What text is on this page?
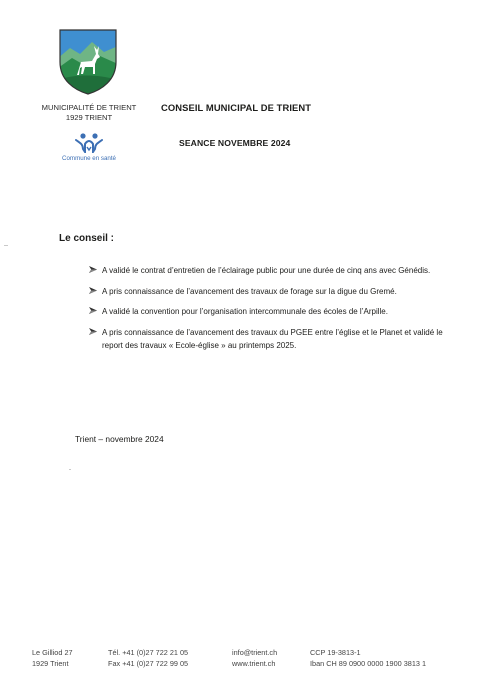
MUNICIPALITÉ DE TRIENT
1929 TRIENT
Commune en santé
CONSEIL MUNICIPAL DE TRIENT
SEANCE NOVEMBRE 2024
Le conseil :
A validé le contrat d’entretien de l’éclairage public pour une durée de cinq ans avec Génédis.
A pris connaissance de l’avancement des travaux de forage sur la digue du Gremé.
A validé la convention pour l’organisation intercommunale des écoles de l’Arpille.
A pris connaissance de l’avancement des travaux du PGEE entre l’église et le Planet et validé le report des travaux « Ecole-église » au printemps 2025.
Trient – novembre 2024
Le Gilliod 27
1929 Trient
Tél. +41 (0)27 722 21 05
Fax +41 (0)27 722 99 05
info@trient.ch
www.trient.ch
CCP 19-3813-1
Iban CH 89 0900 0000 1900 3813 1
